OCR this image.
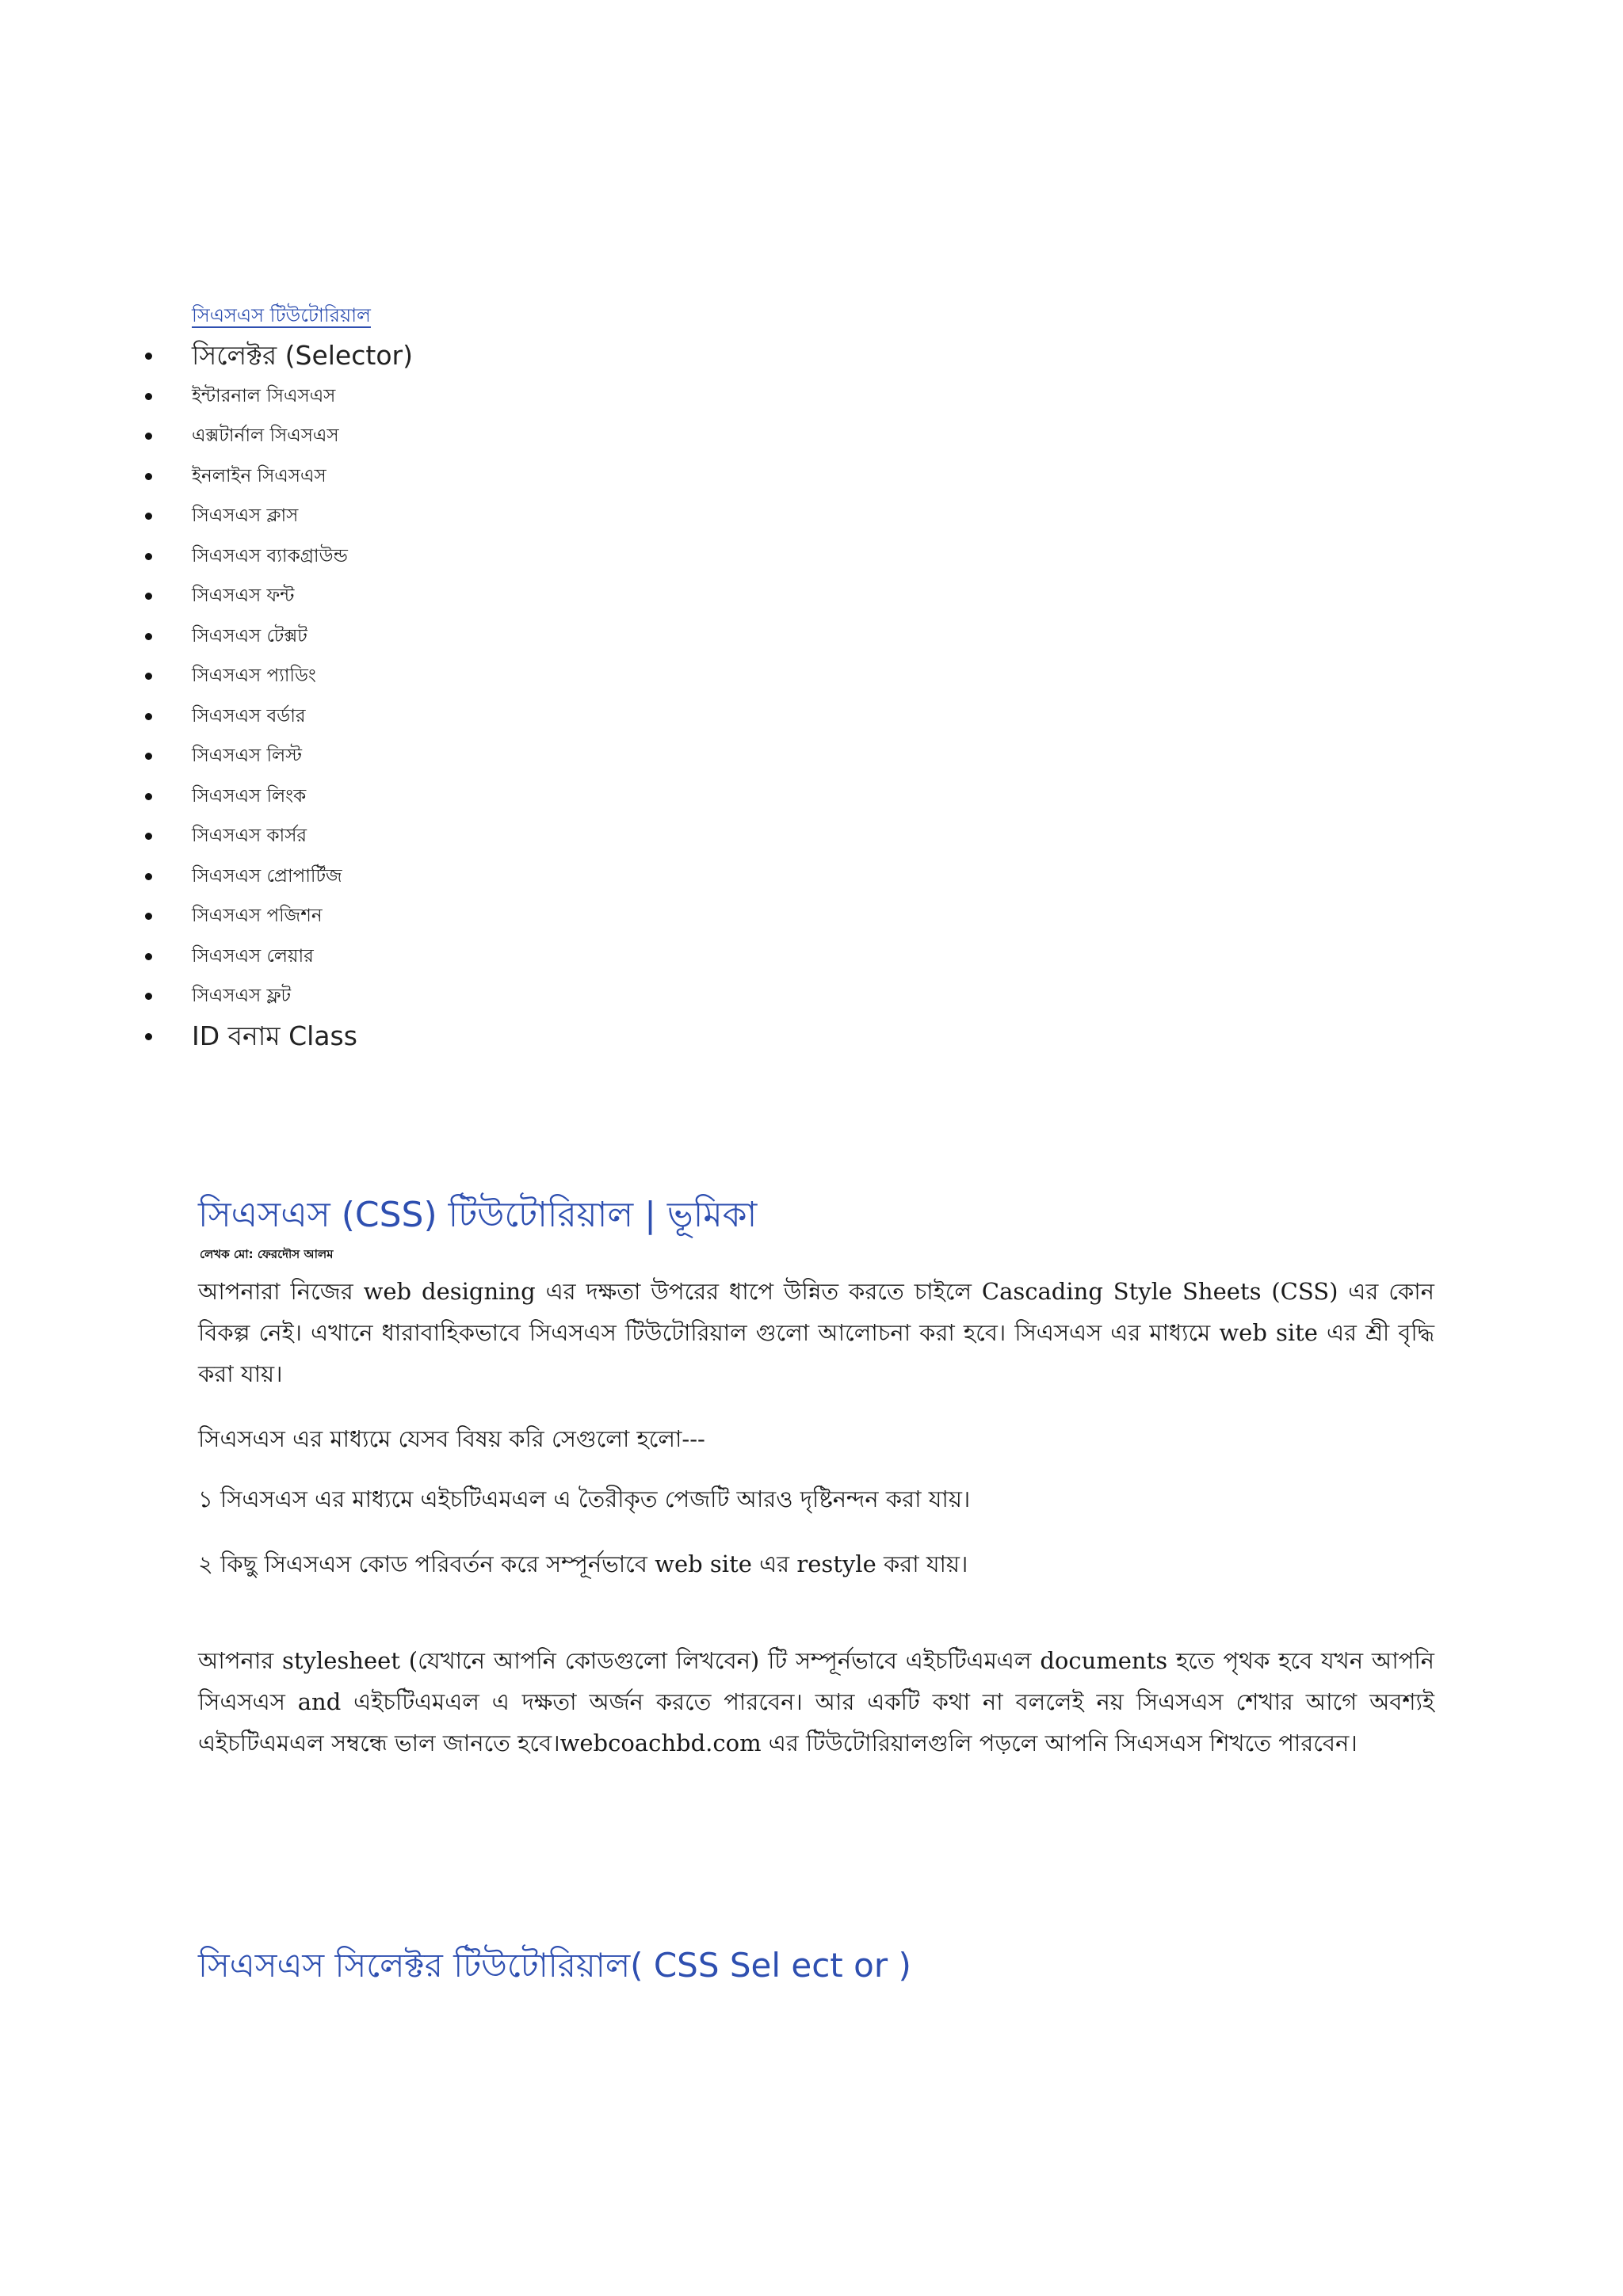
সিএসএস টিউটোরিয়াল
সিলেক্টর (Selector)
ইন্টারনাল সিএসএস
এক্সটার্নাল সিএসএস
ইনলাইন সিএসএস
সিএসএস ক্লাস
সিএসএস ব্যাকগ্রাউন্ড
সিএসএস ফন্ট
সিএসএস টেক্সট
সিএসএস প্যাডিং
সিএসএস বর্ডার
সিএসএস লিস্ট
সিএসএস লিংক
সিএসএস কার্সর
সিএসএস প্রোপার্টিজ
সিএসএস পজিশন
সিএসএস লেয়ার
সিএসএস ফ্লট
ID বনাম Class
সিএসএস (CSS) টিউটোরিয়াল | ভূমিকা

লেখক মো: ফেরদৌস আলম

আপনারা নিজের web designing এর দক্ষতা উপরের ধাপে উন্নিত করতে চাইলে Cascading Style Sheets (CSS) এর কোন বিকল্প নেই। এখানে ধারাবাহিকভাবে সিএসএস টিউটোরিয়াল গুলো আলোচনা করা হবে। সিএসএস এর মাধ্যমে web site এর শ্রী বৃদ্ধি করা যায়।

সিএসএস এর মাধ্যমে যেসব বিষয় করি সেগুলো হলো---

১ সিএসএস এর মাধ্যমে এইচটিএমএল এ তৈরীকৃত পেজটি আরও দৃষ্টিনন্দন করা যায়।

২ কিছু সিএসএস কোড পরিবর্তন করে সম্পূর্নভাবে web site এর restyle করা যায়।

আপনার stylesheet (যেখানে আপনি কোডগুলো লিখবেন) টি সম্পূর্নভাবে এইচটিএমএল documents হতে পৃথক হবে যখন আপনি সিএসএস and এইচটিএমএল এ দক্ষতা অর্জন করতে পারবেন। আর একটি কথা না বললেই নয় সিএসএস শেখার আগে অবশ্যই এইচটিএমএল সম্বন্ধে ভাল জানতে হবে।webcoachbd.com এর টিউটোরিয়ালগুলি পড়লে আপনি সিএসএস শিখতে পারবেন।

সিএসএস সিলেক্টর টিউটোরিয়াল( CSS Sel ect or )
